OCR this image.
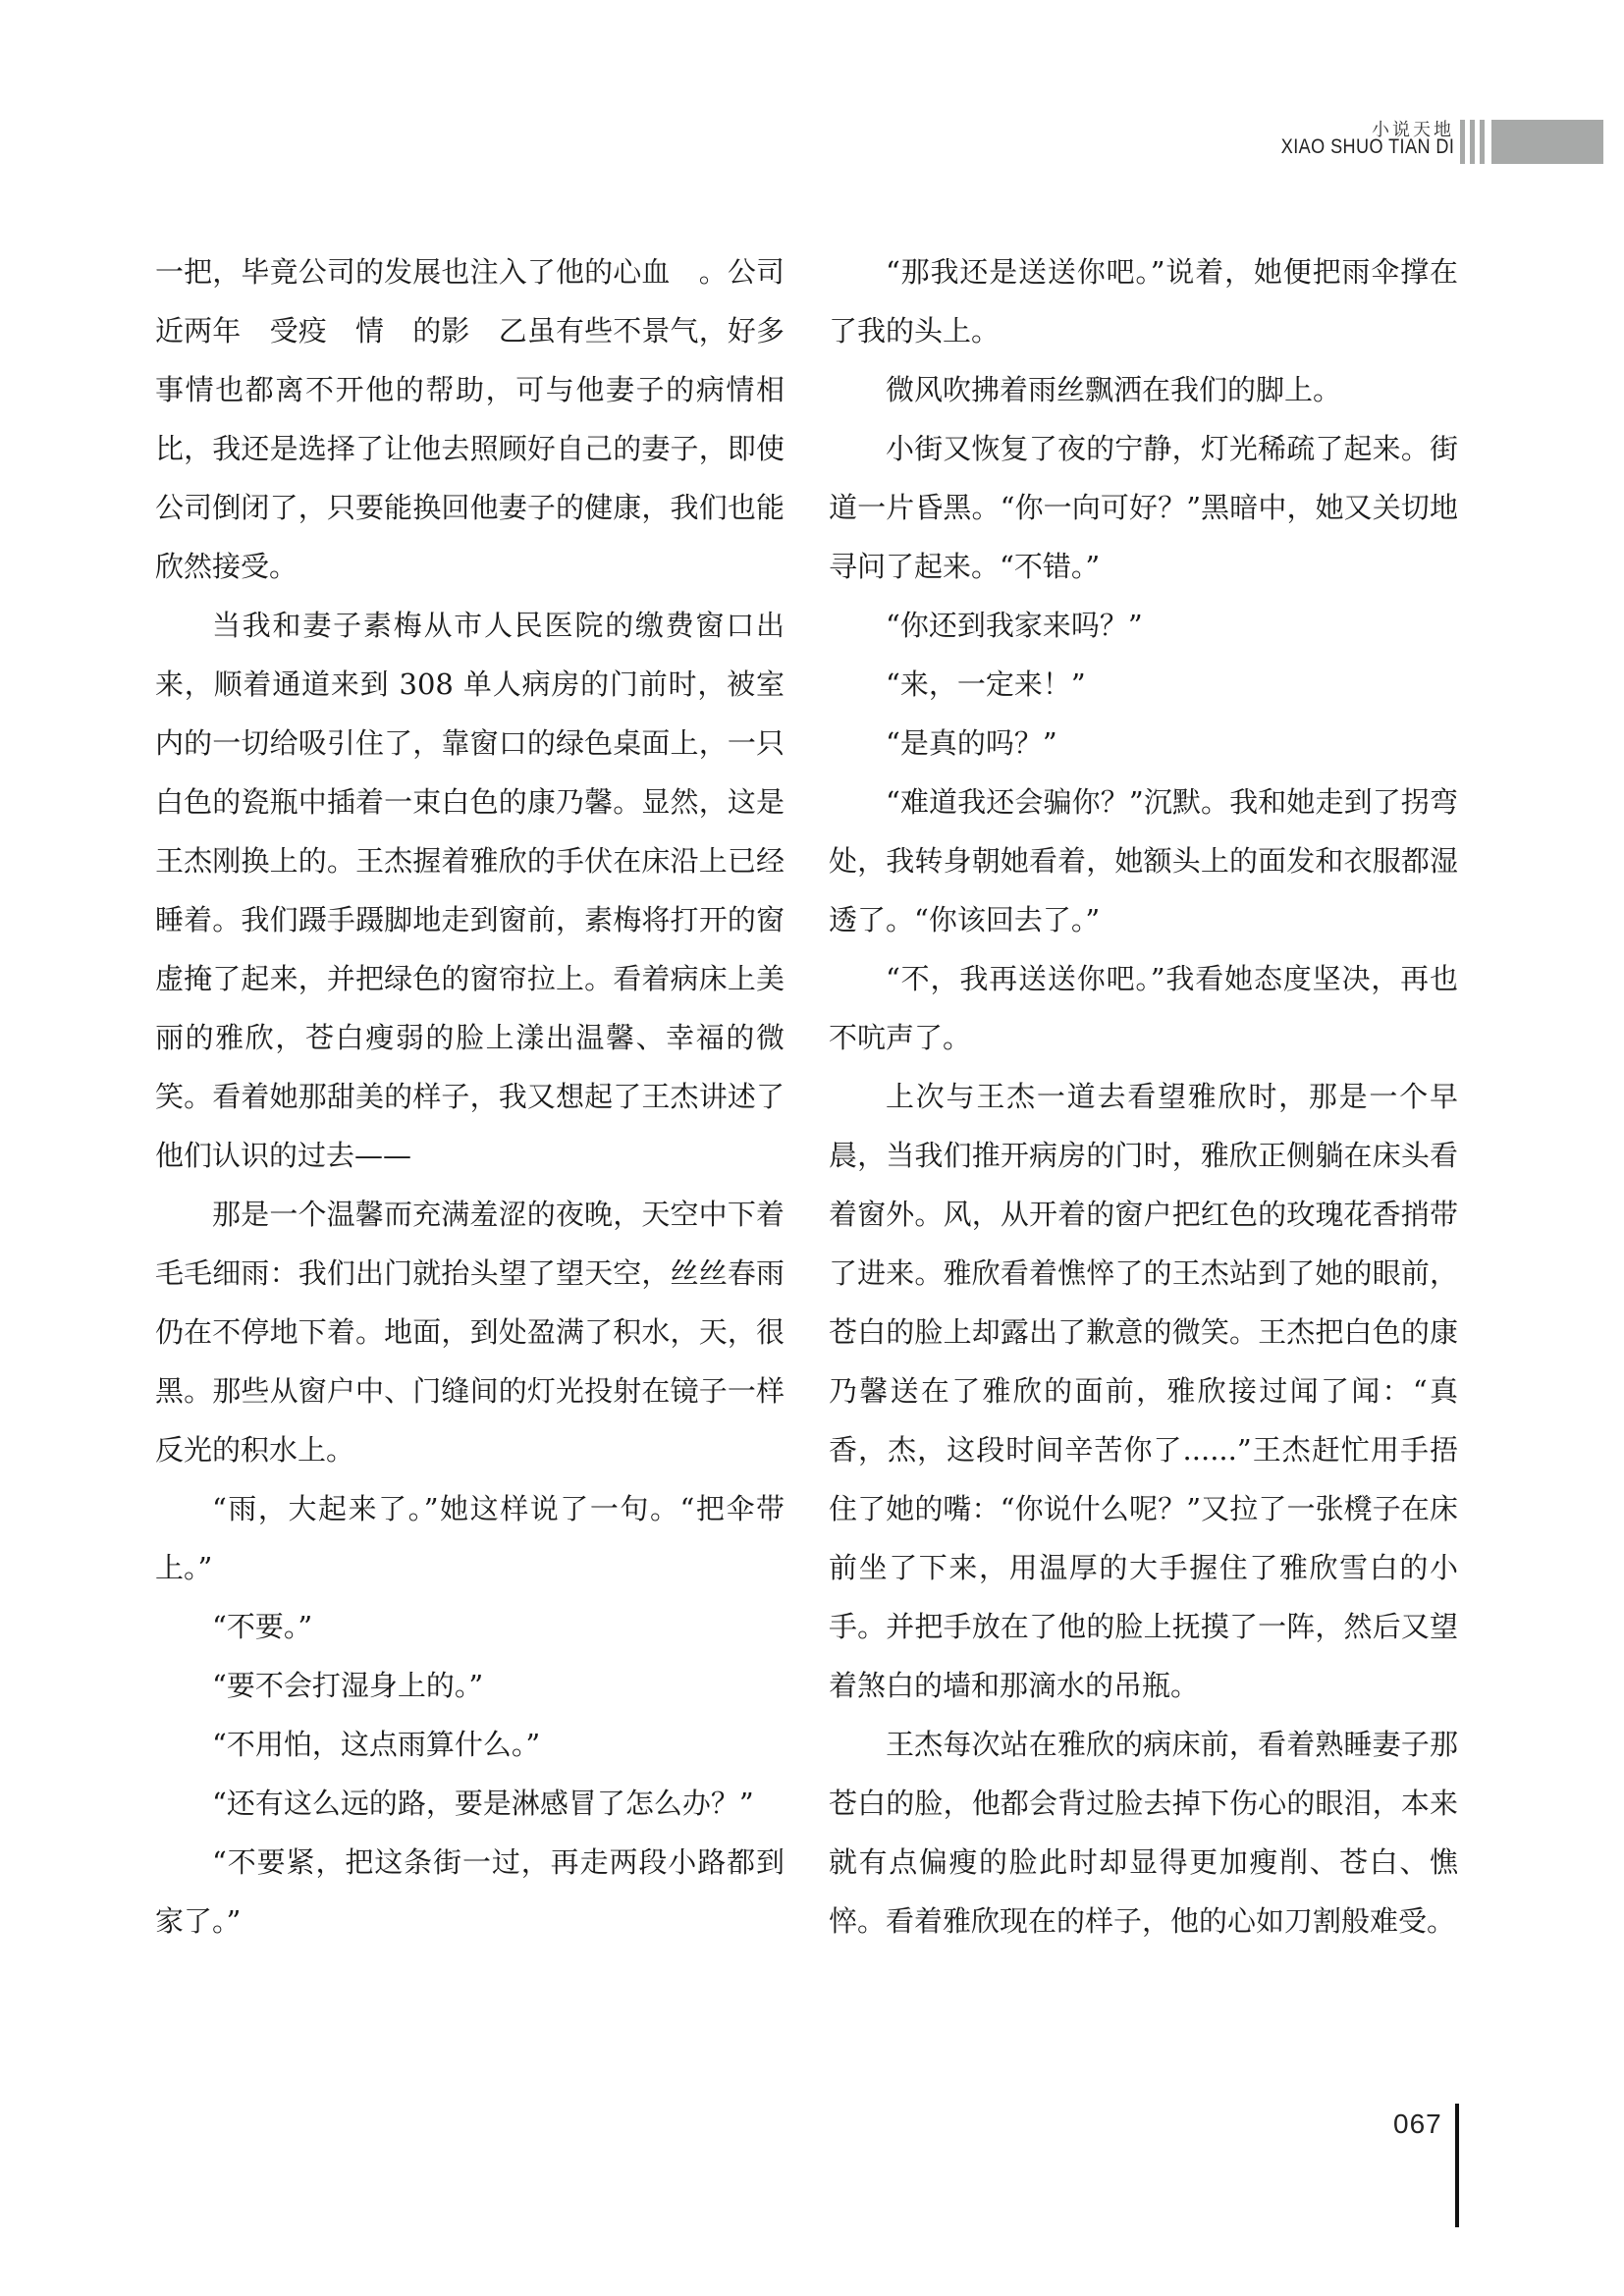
小说天地
XIAO SHUO TIAN DI

一把，毕竟公司的发展也注入了他的心血　。公司近两年　受疫　情　的影　乙虽有些不景气，好多事情也都离不开他的帮助，可与他妻子的病情相比，我还是选择了让他去照顾好自己的妻子，即使公司倒闭了，只要能换回他妻子的健康，我们也能欣然接受。

当我和妻子素梅从市人民医院的缴费窗口出来，顺着通道来到 308 单人病房的门前时，被室内的一切给吸引住了，靠窗口的绿色桌面上，一只白色的瓷瓶中插着一束白色的康乃馨。显然，这是王杰刚换上的。王杰握着雅欣的手伏在床沿上已经睡着。我们蹑手蹑脚地走到窗前，素梅将打开的窗虚掩了起来，并把绿色的窗帘拉上。看着病床上美丽的雅欣，苍白瘦弱的脸上漾出温馨、幸福的微笑。看着她那甜美的样子，我又想起了王杰讲述了他们认识的过去——

那是一个温馨而充满羞涩的夜晚，天空中下着毛毛细雨：我们出门就抬头望了望天空，丝丝春雨仍在不停地下着。地面，到处盈满了积水，天，很黑。那些从窗户中、门缝间的灯光投射在镜子一样反光的积水上。

“雨，大起来了。”她这样说了一句。“把伞带上。”

“不要。”

“要不会打湿身上的。”

“不用怕，这点雨算什么。”

“还有这么远的路，要是淋感冒了怎么办？”

“不要紧，把这条街一过，再走两段小路都到家了。”

“那我还是送送你吧。”说着，她便把雨伞撑在了我的头上。

微风吹拂着雨丝飘洒在我们的脚上。

小街又恢复了夜的宁静，灯光稀疏了起来。街道一片昏黑。“你一向可好？”黑暗中，她又关切地寻问了起来。“不错。”

“你还到我家来吗？”

“来，一定来！”

“是真的吗？”

“难道我还会骗你？”沉默。我和她走到了拐弯处，我转身朝她看着，她额头上的面发和衣服都湿透了。“你该回去了。”

“不，我再送送你吧。”我看她态度坚决，再也不吭声了。

上次与王杰一道去看望雅欣时，那是一个早晨，当我们推开病房的门时，雅欣正侧躺在床头看着窗外。风，从开着的窗户把红色的玫瑰花香捎带了进来。雅欣看着憔悴了的王杰站到了她的眼前，苍白的脸上却露出了歉意的微笑。王杰把白色的康乃馨送在了雅欣的面前，雅欣接过闻了闻：“真香，杰，这段时间辛苦你了......”王杰赶忙用手捂住了她的嘴：“你说什么呢？”又拉了一张櫈子在床前坐了下来，用温厚的大手握住了雅欣雪白的小手。并把手放在了他的脸上抚摸了一阵，然后又望着煞白的墙和那滴水的吊瓶。

王杰每次站在雅欣的病床前，看着熟睡妻子那苍白的脸，他都会背过脸去掉下伤心的眼泪，本来就有点偏瘦的脸此时却显得更加瘦削、苍白、憔悴。看着雅欣现在的样子，他的心如刀割般难受。

067
